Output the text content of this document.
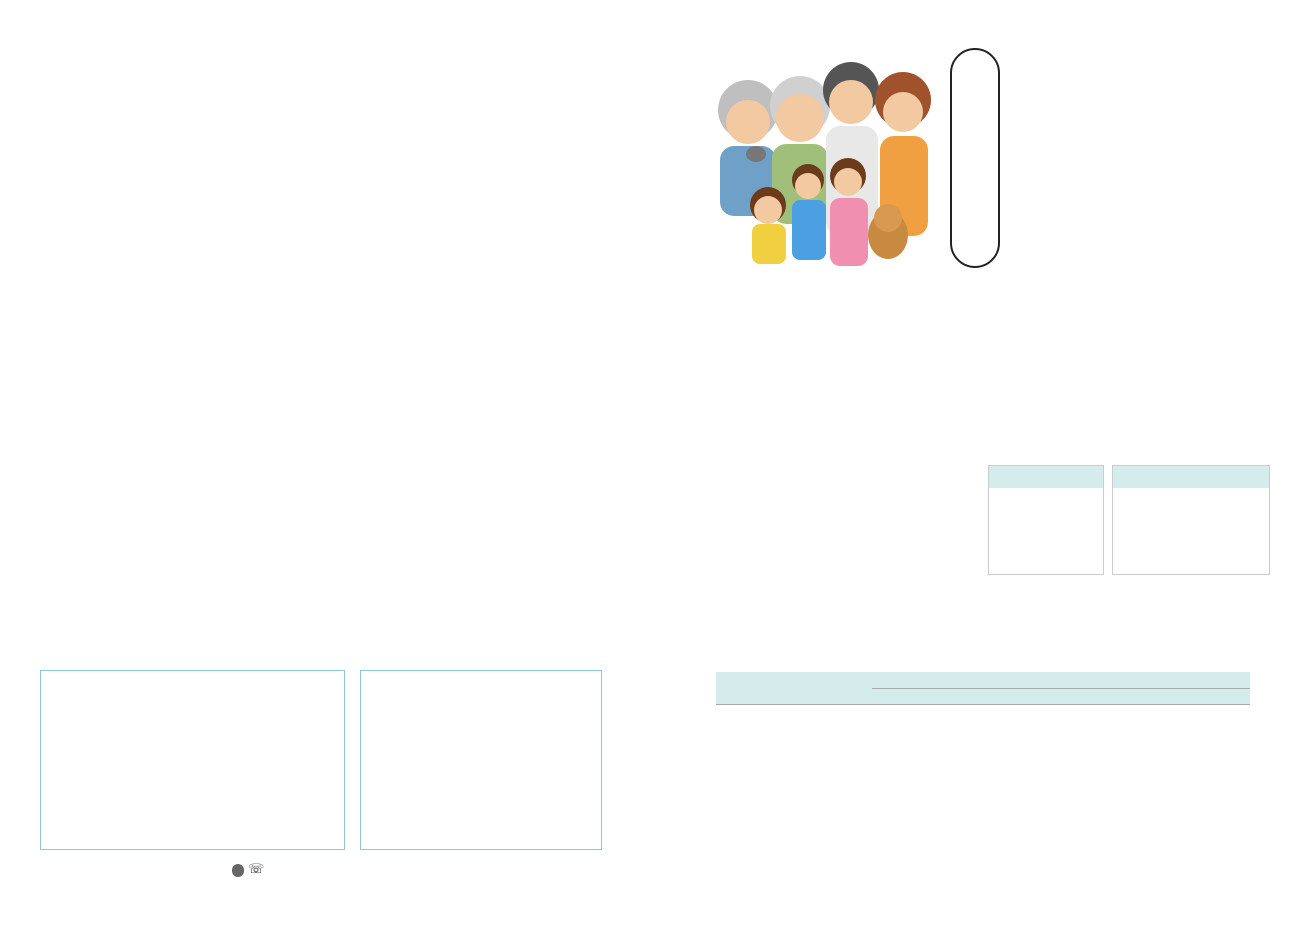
☏
